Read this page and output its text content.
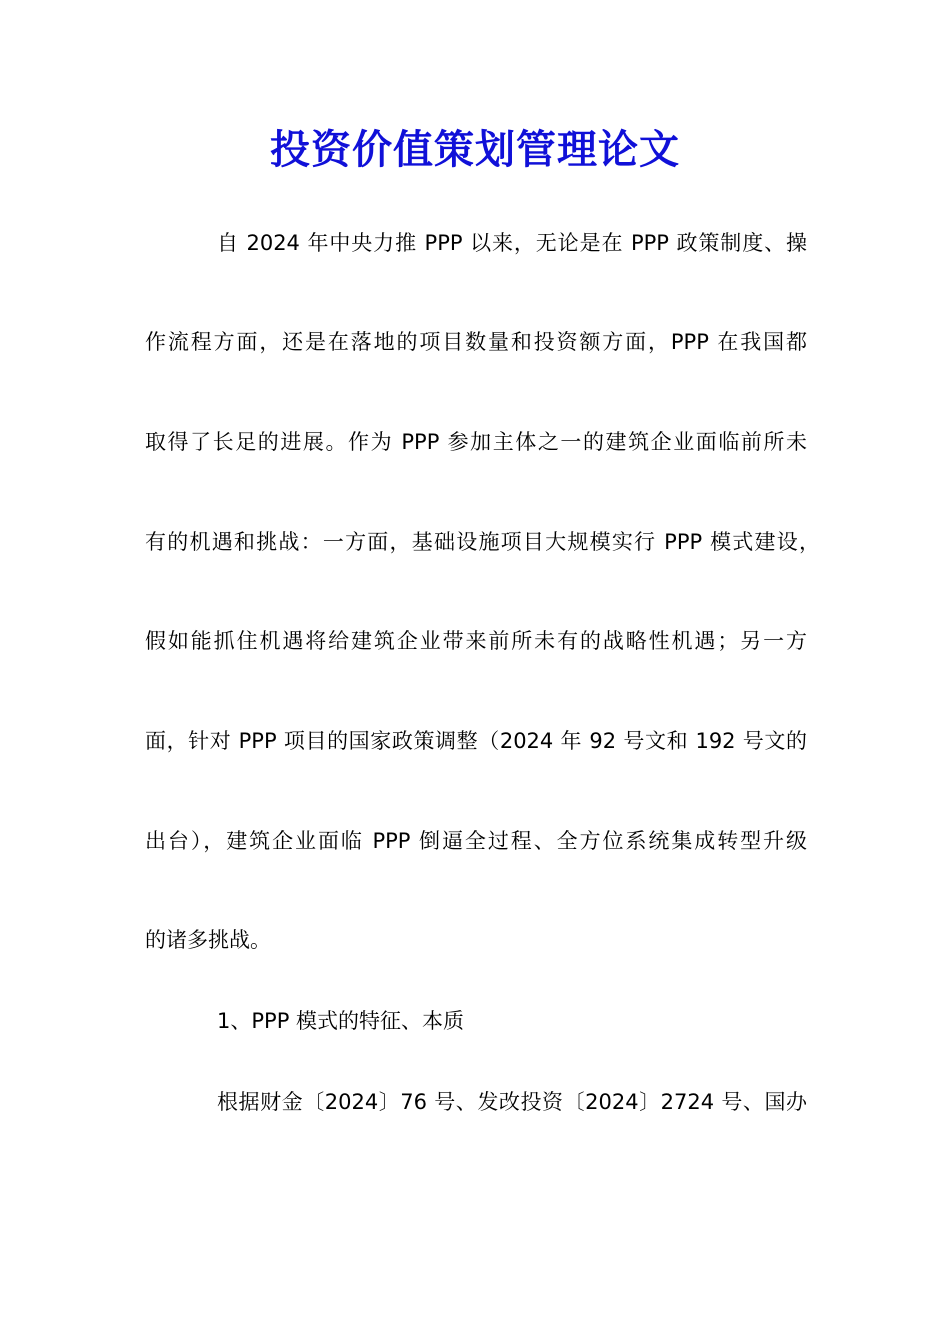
投资价值策划管理论文
自 2024 年中央力推 PPP 以来，无论是在 PPP 政策制度、操
作流程方面，还是在落地的项目数量和投资额方面，PPP 在我国都
取得了长足的进展。作为 PPP 参加主体之一的建筑企业面临前所未
有的机遇和挑战：一方面，基础设施项目大规模实行 PPP 模式建设，
假如能抓住机遇将给建筑企业带来前所未有的战略性机遇；另一方
面，针对 PPP 项目的国家政策调整（2024 年 92 号文和 192 号文的
出台），建筑企业面临 PPP 倒逼全过程、全方位系统集成转型升级
的诸多挑战。
1、PPP 模式的特征、本质
根据财金〔2024〕76 号、发改投资〔2024〕2724 号、国办
